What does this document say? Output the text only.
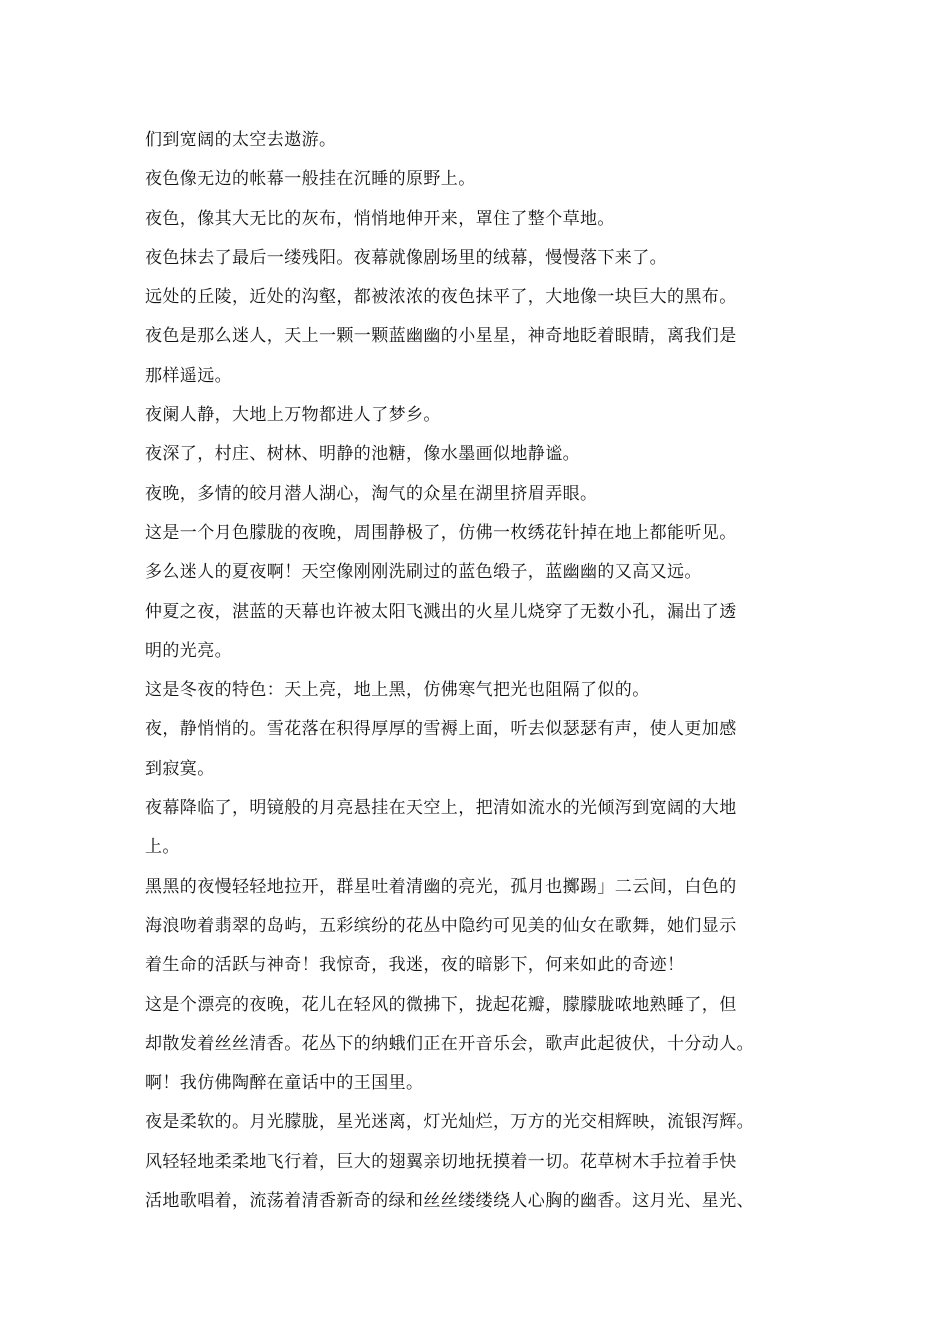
们到宽阔的太空去遨游。
夜色像无边的帐幕一般挂在沉睡的原野上。
夜色，像其大无比的灰布，悄悄地伸开来，罩住了整个草地。
夜色抹去了最后一缕残阳。夜幕就像剧场里的绒幕，慢慢落下来了。
远处的丘陵，近处的沟壑，都被浓浓的夜色抹平了，大地像一块巨大的黑布。
夜色是那么迷人，天上一颗一颗蓝幽幽的小星星，神奇地眨着眼睛，离我们是
那样遥远。
夜阑人静，大地上万物都进人了梦乡。
夜深了，村庄、树林、明静的池糖，像水墨画似地静谧。
夜晚，多情的皎月潜人湖心，淘气的众星在湖里挤眉弄眼。
这是一个月色朦胧的夜晚，周围静极了，仿佛一枚绣花针掉在地上都能听见。
多么迷人的夏夜啊！天空像刚刚洗刷过的蓝色缎子，蓝幽幽的又高又远。
仲夏之夜，湛蓝的天幕也许被太阳飞溅出的火星儿烧穿了无数小孔，漏出了透
明的光亮。
这是冬夜的特色：天上亮，地上黑，仿佛寒气把光也阻隔了似的。
夜，静悄悄的。雪花落在积得厚厚的雪褥上面，听去似瑟瑟有声，使人更加感
到寂寞。
夜幕降临了，明镜般的月亮悬挂在天空上，把清如流水的光倾泻到宽阔的大地
上。
黑黑的夜慢轻轻地拉开，群星吐着清幽的亮光，孤月也擲踢」二云间，白色的
海浪吻着翡翠的岛屿，五彩缤纷的花丛中隐约可见美的仙女在歌舞，她们显示
着生命的活跃与神奇！我惊奇，我迷，夜的暗影下，何来如此的奇迹！
这是个漂亮的夜晚，花儿在轻风的微拂下，拢起花瓣，朦朦胧哝地熟睡了，但
却散发着丝丝清香。花丛下的纳蛾们正在开音乐会，歌声此起彼伏，十分动人。
啊！我仿佛陶醉在童话中的王国里。
夜是柔软的。月光朦胧，星光迷离，灯光灿烂，万方的光交相辉映，流银泻辉。
风轻轻地柔柔地飞行着，巨大的翅翼亲切地抚摸着一切。花草树木手拉着手快
活地歌唱着，流荡着清香新奇的绿和丝丝缕缕绕人心胸的幽香。这月光、星光、
